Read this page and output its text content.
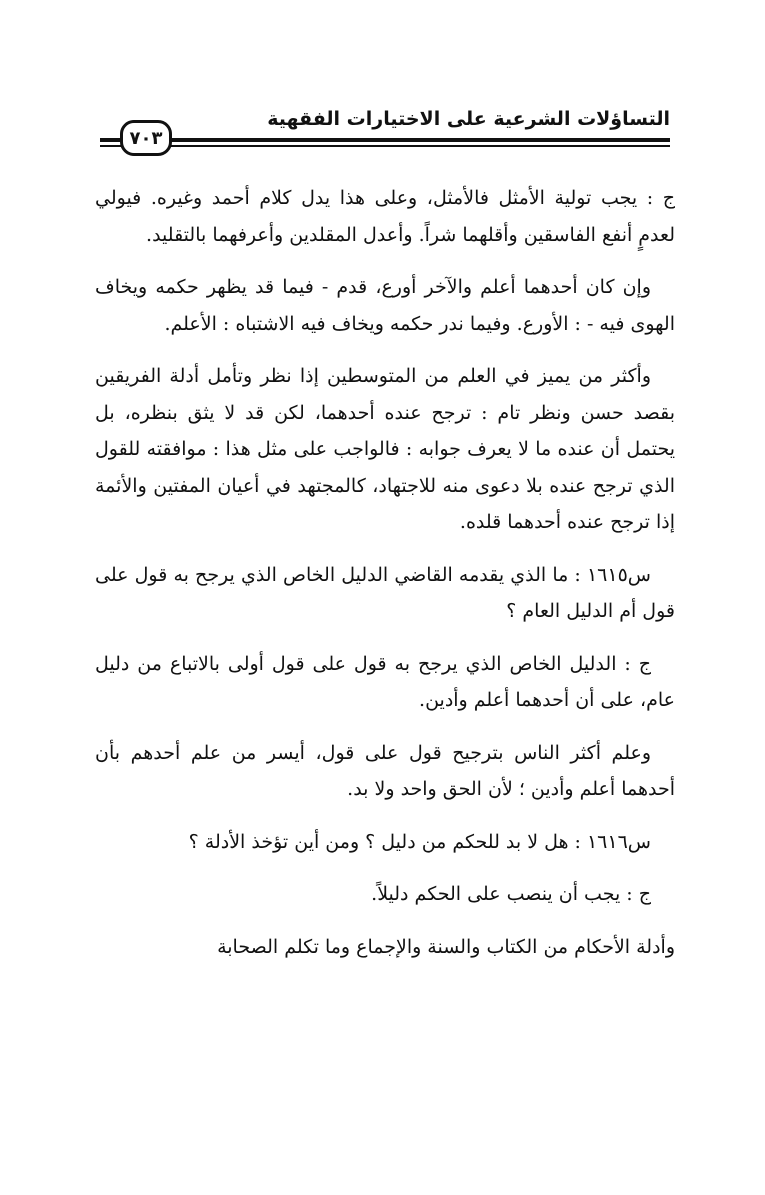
التساؤلات الشرعية على الاختيارات الفقهية
٧٠٣

ج : يجب تولية الأمثل فالأمثل، وعلى هذا يدل كلام أحمد وغيره. فيولي لعدمٍ أنفع الفاسقين وأقلهما شراً. وأعدل المقلدين وأعرفهما بالتقليد.

وإن كان أحدهما أعلم والآخر أورع، قدم - فيما قد يظهر حكمه ويخاف الهوى فيه - : الأورع. وفيما ندر حكمه ويخاف فيه الاشتباه : الأعلم.

وأكثر من يميز في العلم من المتوسطين إذا نظر وتأمل أدلة الفريقين بقصد حسن ونظر تام : ترجح عنده أحدهما، لكن قد لا يثق بنظره، بل يحتمل أن عنده ما لا يعرف جوابه : فالواجب على مثل هذا : موافقته للقول الذي ترجح عنده بلا دعوى منه للاجتهاد، كالمجتهد في أعيان المفتين والأئمة إذا ترجح عنده أحدهما قلده.

س١٦١٥ : ما الذي يقدمه القاضي الدليل الخاص الذي يرجح به قول على قول أم الدليل العام ؟

ج : الدليل الخاص الذي يرجح به قول على قول أولى بالاتباع من دليل عام، على أن أحدهما أعلم وأدين.

وعلم أكثر الناس بترجيح قول على قول، أيسر من علم أحدهم بأن أحدهما أعلم وأدين ؛ لأن الحق واحد ولا بد.

س١٦١٦ : هل لا بد للحكم من دليل ؟ ومن أين تؤخذ الأدلة ؟

ج : يجب أن ينصب على الحكم دليلاً.

وأدلة الأحكام من الكتاب والسنة والإجماع وما تكلم الصحابة
